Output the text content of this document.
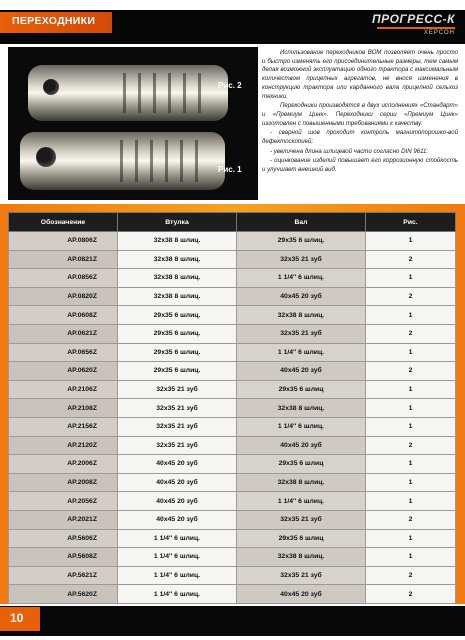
ПЕРЕХОДНИКИ	ПРОГРЕСС-К
ХЕРСОН
Рис. 2
Рис. 1

Использование переходников ВОМ позволяет очень просто и быстро изменять его присоединительные размеры, тем самым делая возможной эксплуатацию одного трактора с максимальным количеством прицепных агрегатов, не внося изменения в конструкцию трактора или карданного вала прицепной сельхоз техники.

Переходники производятся в двух исполнениях «Стандарт» и «Премиум Цинк». Переходники серии «Премиум Цинк» изготовлен с повышенными требованиями к качеству:

- сварной шов проходит контроль магнитопорошко-вой дефектоскопией;

- увеличена длина шлицевой части согласно DIN 9611;

- оцинкование изделий повышает его коррозионную стойкость и улучшает внешний вид.

Обозначение	Втулка	Вал	Рис.
AP.0806Z	32x38 8 шлиц.	29x35 6 шлиц.	1
AP.0821Z	32x38 8 шлиц.	32x35 21 зуб	2
AP.0856Z	32x38 8 шлиц.	1 1/4'' 6 шлиц.	1
AP.0820Z	32x38 8 шлиц.	40x45 20 зуб	2
AP.0608Z	29x35 6 шлиц.	32x38 8 шлиц.	1
AP.0621Z	29x35 6 шлиц.	32x35 21 зуб	2
AP.0656Z	29x35 6 шлиц.	1 1/4'' 6 шлиц.	1
AP.0620Z	29x35 6 шлиц.	40x45 20 зуб	2
AP.2106Z	32x35 21 зуб	29x35 6 шлиц	1
AP.2108Z	32x35 21 зуб	32x38 8 шлиц.	1
AP.2156Z	32x35 21 зуб	1 1/4'' 6 шлиц.	1
AP.2120Z	32x35 21 зуб	40x45 20 зуб	2
AP.2006Z	40x45 20 зуб	29x35 6 шлиц	1
AP.2008Z	40x45 20 зуб	32x38 8 шлиц.	1
AP.2056Z	40x45 20 зуб	1 1/4'' 6 шлиц.	1
AP.2021Z	40x45 20 зуб	32x35 21 зуб	2
AP.5606Z	1 1/4'' 6 шлиц.	29x35 6 шлиц	1
AP.5608Z	1 1/4'' 6 шлиц.	32x38 8 шлиц.	1
AP.5621Z	1 1/4'' 6 шлиц.	32x35 21 зуб	2
AP.5620Z	1 1/4'' 6 шлиц.	40x45 20 зуб	2
10
